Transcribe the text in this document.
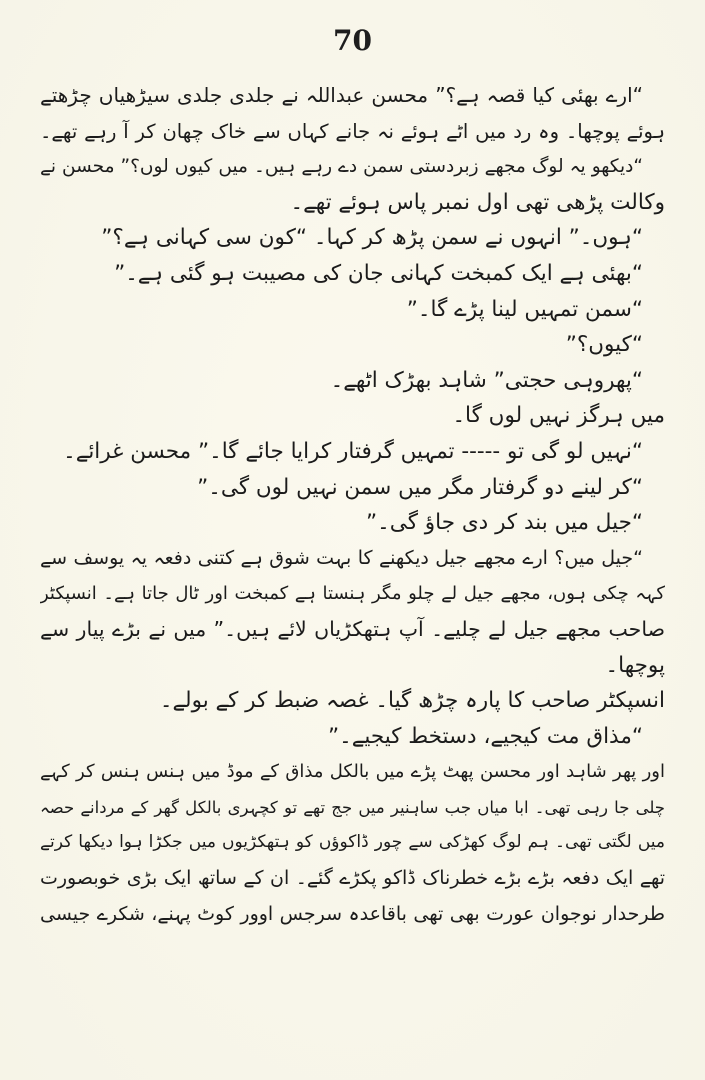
70
“ارے بھئی کیا قصہ ہے؟” محسن عبداللہ نے جلدی جلدی سیڑھیاں چڑھتے
ہوئے پوچھا۔ وہ رد میں اٹے ہوئے نہ جانے کہاں سے خاک چھان کر آ رہے تھے۔
“دیکھو یہ لوگ مجھے زبردستی سمن دے رہے ہیں۔ میں کیوں لوں؟” محسن نے
وکالت پڑھی تھی اول نمبر پاس ہوئے تھے۔
“ہوں۔” انہوں نے سمن پڑھ کر کہا۔ “کون سی کہانی ہے؟”
“بھئی ہے ایک کمبخت کہانی جان کی مصیبت ہو گئی ہے۔”
“سمن تمہیں لینا پڑے گا۔”
“کیوں؟”
“پھروہی حجتی” شاہد بھڑک اٹھے۔
میں ہرگز نہیں لوں گا۔
“نہیں لو گی تو ----- تمہیں گرفتار کرایا جائے گا۔” محسن غرائے۔
“کر لینے دو گرفتار مگر میں سمن نہیں لوں گی۔”
“جیل میں بند کر دی جاؤ گی۔”
“جیل میں؟ ارے مجھے جیل دیکھنے کا بہت شوق ہے کتنی دفعہ یہ یوسف سے
کہہ چکی ہوں، مجھے جیل لے چلو مگر ہنستا ہے کمبخت اور ٹال جاتا ہے۔ انسپکٹر
صاحب مجھے جیل لے چلیے۔ آپ ہتھکڑیاں لائے ہیں۔” میں نے بڑے پیار سے
پوچھا۔
انسپکٹر صاحب کا پارہ چڑھ گیا۔ غصہ ضبط کر کے بولے۔
“مذاق مت کیجیے، دستخط کیجیے۔”
اور پھر شاہد اور محسن پھٹ پڑے میں بالکل مذاق کے موڈ میں ہنس ہنس کر کہے
چلی جا رہی تھی۔ ابا میاں جب ساہنیر میں جج تھے تو کچہری بالکل گھر کے مردانے حصہ
میں لگتی تھی۔ ہم لوگ کھڑکی سے چور ڈاکوؤں کو ہتھکڑیوں میں جکڑا ہوا دیکھا کرتے
تھے ایک دفعہ بڑے بڑے خطرناک ڈاکو پکڑے گئے۔ ان کے ساتھ ایک بڑی خوبصورت
طرحدار نوجوان عورت بھی تھی باقاعدہ سرجس اوور کوٹ پہنے، شکرے جیسی
